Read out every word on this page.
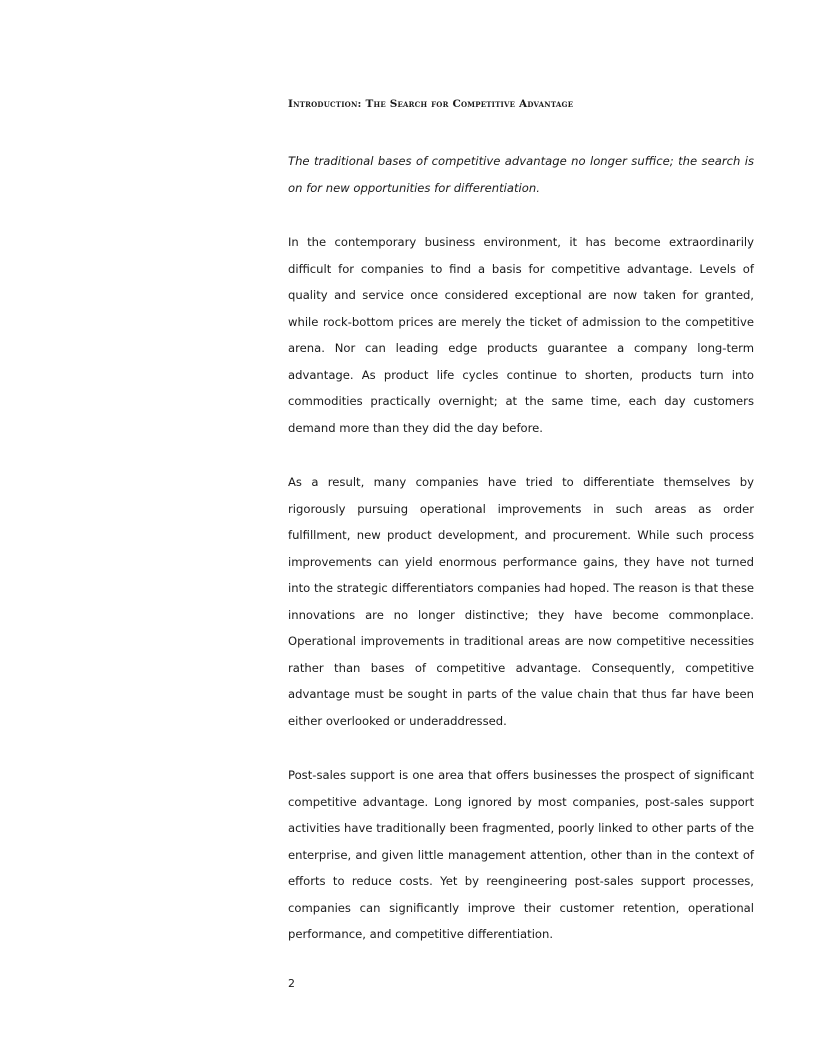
Introduction: The Search for Competitive Advantage

The traditional bases of competitive advantage no longer suffice; the search is on for new opportunities for differentiation.

In the contemporary business environment, it has become extraordinarily difficult for companies to find a basis for competitive advantage. Levels of quality and service once considered exceptional are now taken for granted, while rock-bottom prices are merely the ticket of admission to the competitive arena. Nor can leading edge products guarantee a company long-term advantage. As product life cycles continue to shorten, products turn into commodities practically overnight; at the same time, each day customers demand more than they did the day before.

As a result, many companies have tried to differentiate themselves by rigorously pursuing operational improvements in such areas as order fulfillment, new product development, and procurement. While such process improvements can yield enormous performance gains, they have not turned into the strategic differentiators companies had hoped. The reason is that these innovations are no longer distinctive; they have become commonplace. Operational improvements in traditional areas are now competitive necessities rather than bases of competitive advantage. Consequently, competitive advantage must be sought in parts of the value chain that thus far have been either overlooked or underaddressed.

Post-sales support is one area that offers businesses the prospect of significant competitive advantage. Long ignored by most companies, post-sales support activities have traditionally been fragmented, poorly linked to other parts of the enterprise, and given little management attention, other than in the context of efforts to reduce costs. Yet by reengineering post-sales support processes, companies can significantly improve their customer retention, operational performance, and competitive differentiation.

2
